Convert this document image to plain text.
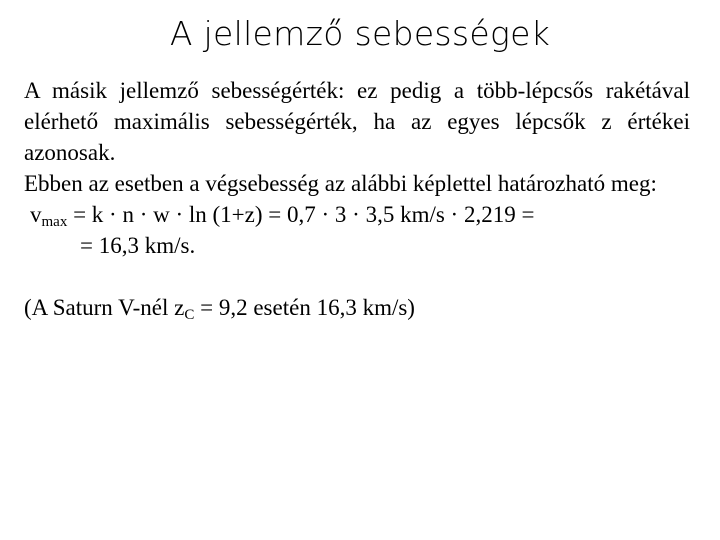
A jellemző sebességek

A másik jellemző sebességérték: ez pedig a több-lépcsős rakétával elérhető maximális sebességérték, ha az egyes lépcsők z értékei azonosak.

Ebben az esetben a végsebesség az alábbi képlettel határozható meg:

$v_{max} = k \cdot n \cdot w \cdot \ln (1+z) = 0,7 \cdot 3 \cdot 3,5$ km/s · 2,219 =

= 16,3 km/s.

(A Saturn V-nél $z_C = 9,2$ esetén 16,3 km/s)
